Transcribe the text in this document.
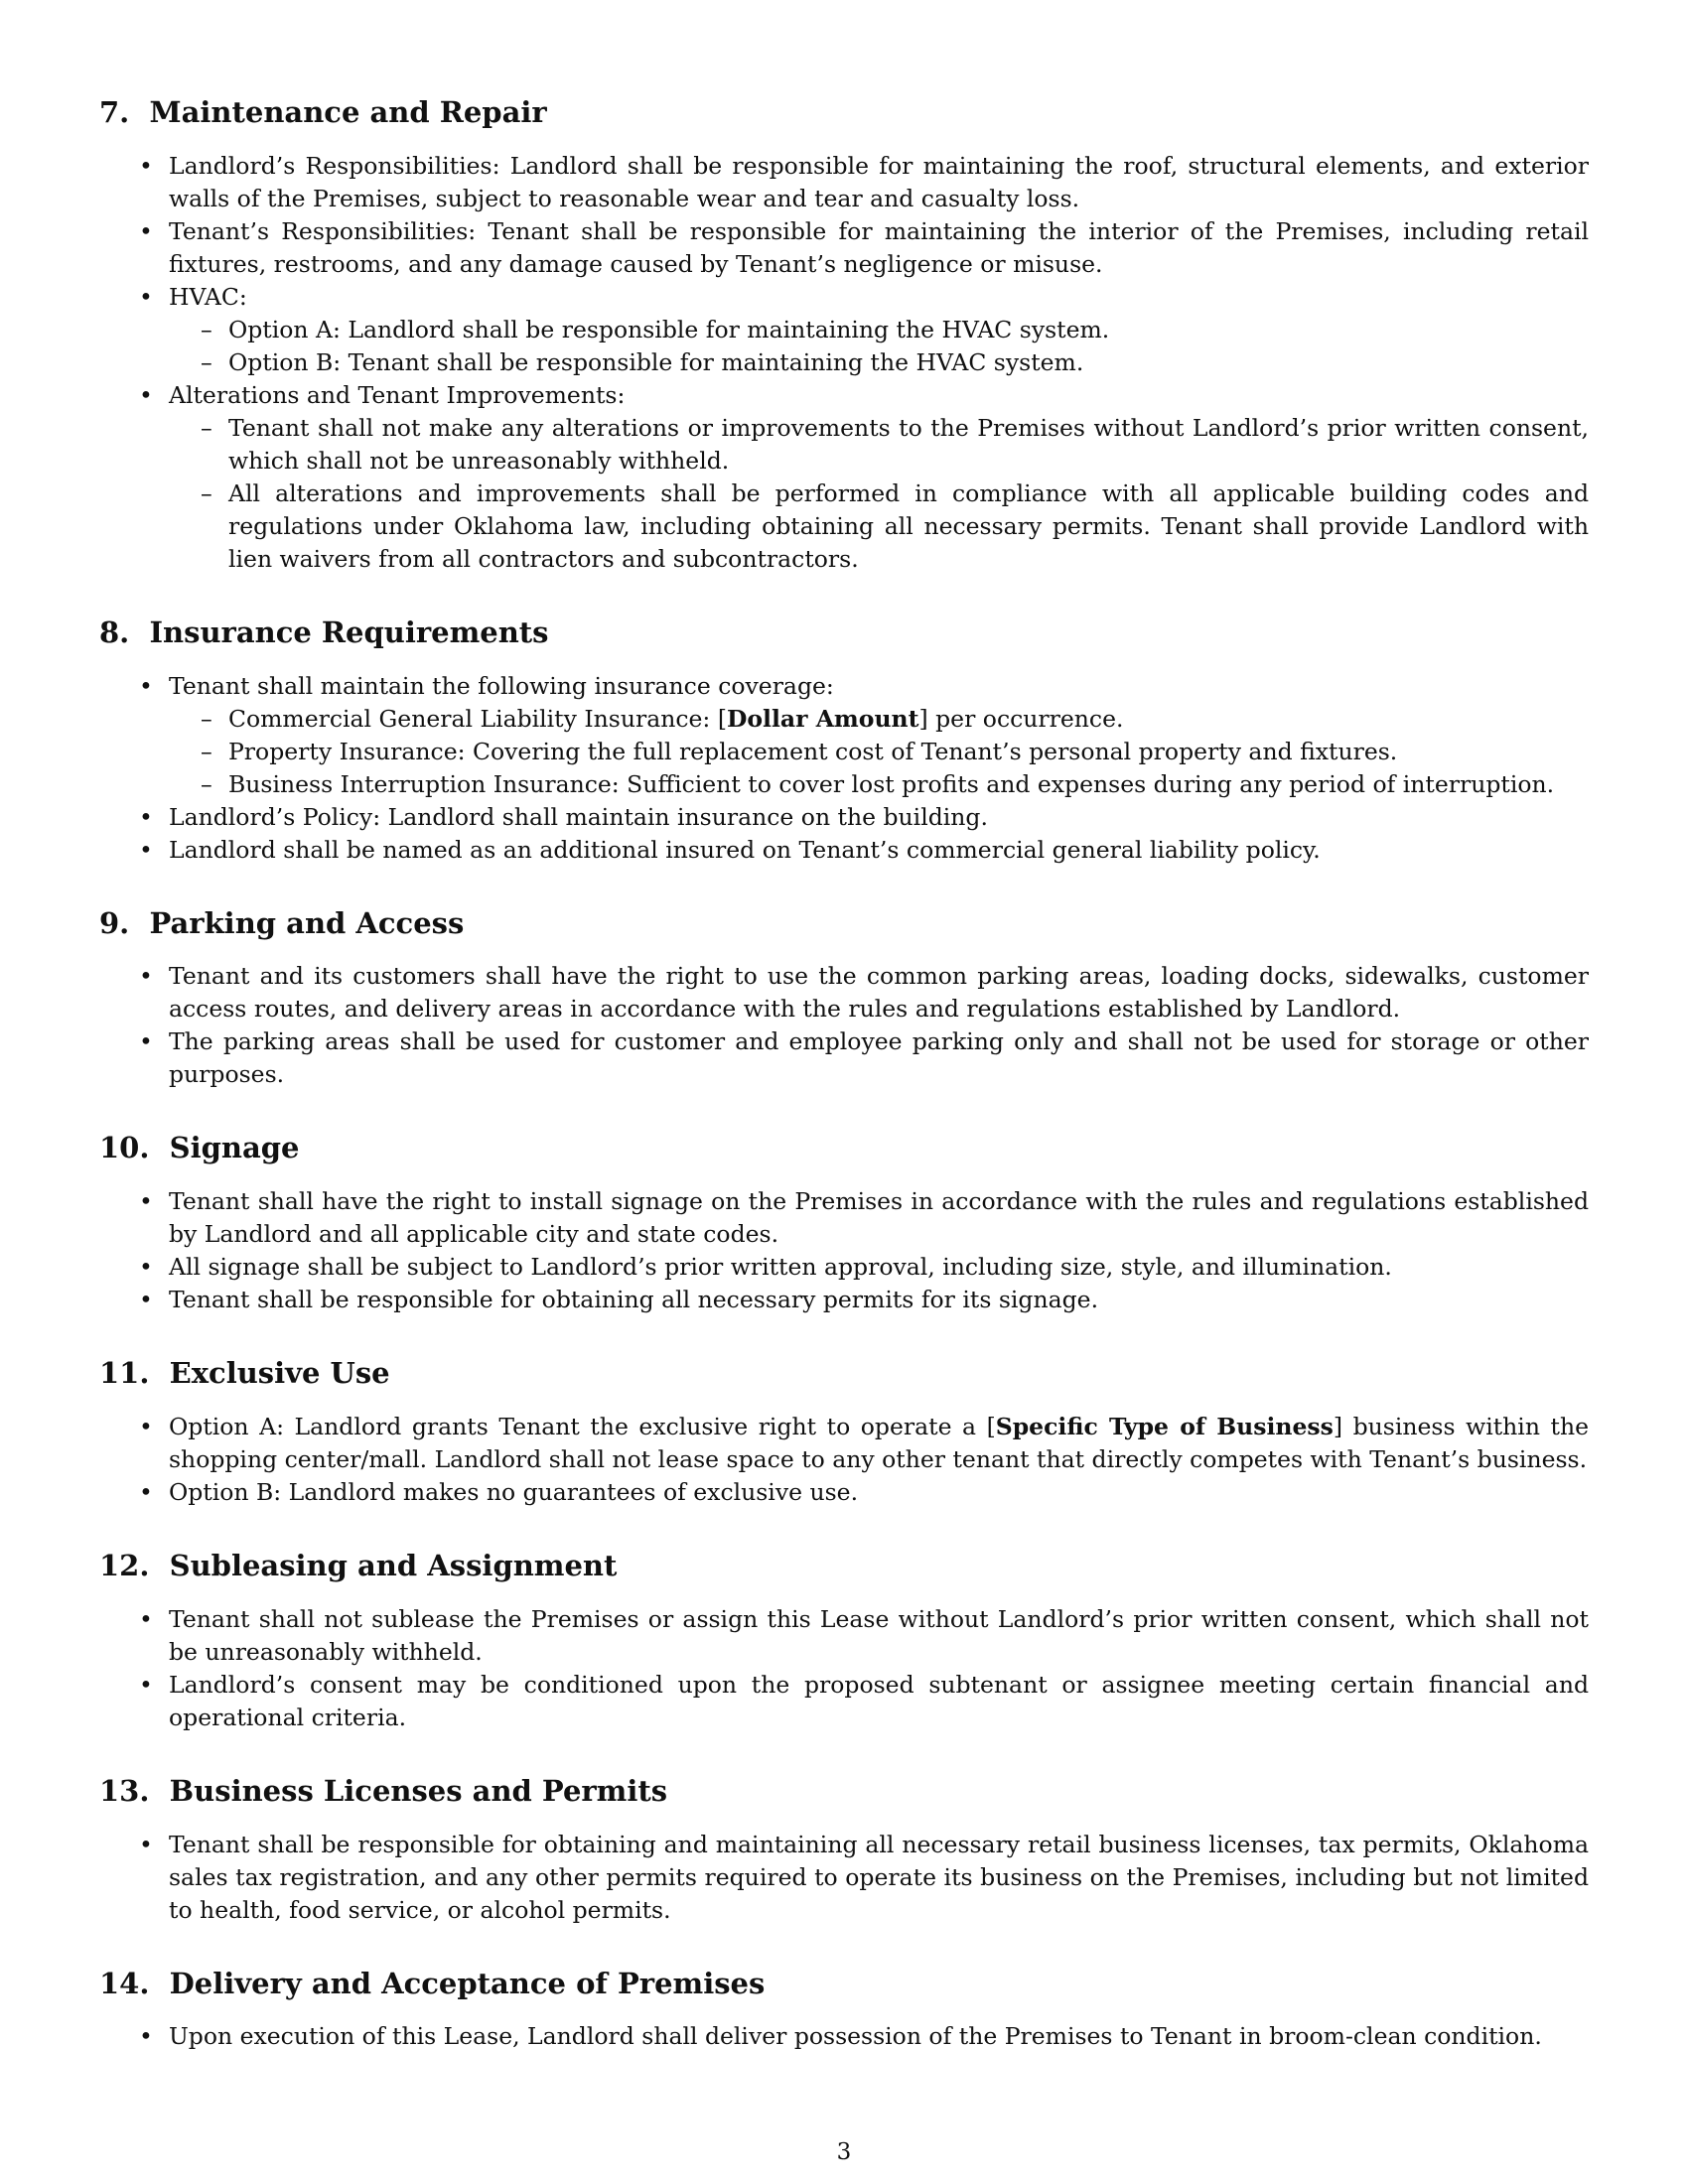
7. Maintenance and Repair
• Landlord’s Responsibilities: Landlord shall be responsible for maintaining the roof, structural elements, and exterior walls of the Premises, subject to reasonable wear and tear and casualty loss.
• Tenant’s Responsibilities: Tenant shall be responsible for maintaining the interior of the Premises, including retail fixtures, restrooms, and any damage caused by Tenant’s negligence or misuse.
• HVAC:
– Option A: Landlord shall be responsible for maintaining the HVAC system.
– Option B: Tenant shall be responsible for maintaining the HVAC system.
• Alterations and Tenant Improvements:
– Tenant shall not make any alterations or improvements to the Premises without Landlord’s prior written consent, which shall not be unreasonably withheld.
– All alterations and improvements shall be performed in compliance with all applicable building codes and regulations under Oklahoma law, including obtaining all necessary permits. Tenant shall provide Landlord with lien waivers from all contractors and subcontractors.
8. Insurance Requirements
• Tenant shall maintain the following insurance coverage:
– Commercial General Liability Insurance: [Dollar Amount] per occurrence.
– Property Insurance: Covering the full replacement cost of Tenant’s personal property and fixtures.
– Business Interruption Insurance: Sufficient to cover lost profits and expenses during any period of interruption.
• Landlord’s Policy: Landlord shall maintain insurance on the building.
• Landlord shall be named as an additional insured on Tenant’s commercial general liability policy.
9. Parking and Access
• Tenant and its customers shall have the right to use the common parking areas, loading docks, sidewalks, customer access routes, and delivery areas in accordance with the rules and regulations established by Landlord.
• The parking areas shall be used for customer and employee parking only and shall not be used for storage or other purposes.
10. Signage
• Tenant shall have the right to install signage on the Premises in accordance with the rules and regulations established by Landlord and all applicable city and state codes.
• All signage shall be subject to Landlord’s prior written approval, including size, style, and illumination.
• Tenant shall be responsible for obtaining all necessary permits for its signage.
11. Exclusive Use
• Option A: Landlord grants Tenant the exclusive right to operate a [Specific Type of Business] business within the shopping center/mall. Landlord shall not lease space to any other tenant that directly competes with Tenant’s business.
• Option B: Landlord makes no guarantees of exclusive use.
12. Subleasing and Assignment
• Tenant shall not sublease the Premises or assign this Lease without Landlord’s prior written consent, which shall not be unreasonably withheld.
• Landlord’s consent may be conditioned upon the proposed subtenant or assignee meeting certain financial and operational criteria.
13. Business Licenses and Permits
• Tenant shall be responsible for obtaining and maintaining all necessary retail business licenses, tax permits, Oklahoma sales tax registration, and any other permits required to operate its business on the Premises, including but not limited to health, food service, or alcohol permits.
14. Delivery and Acceptance of Premises
• Upon execution of this Lease, Landlord shall deliver possession of the Premises to Tenant in broom-clean condition.
3
